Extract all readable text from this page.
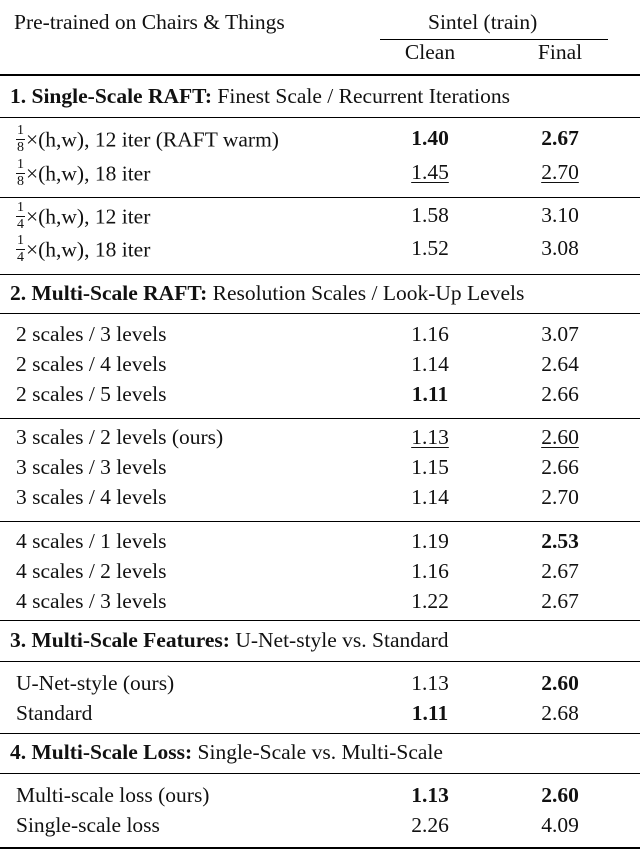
Pre-trained on Chairs & Things	Sintel (train)
Clean	Final
1. Single-Scale RAFT: Finest Scale / Recurrent Iterations
$\frac{1}{8} \times(h,w)$, 12 iter (RAFT warm)	1.40	2.67
$\frac{1}{8} \times(h,w)$, 18 iter	1.45	2.70
$\frac{1}{4} \times(h,w)$, 12 iter	1.58	3.10
$\frac{1}{4} \times(h,w)$, 18 iter	1.52	3.08
2. Multi-Scale RAFT: Resolution Scales / Look-Up Levels
2 scales / 3 levels	1.16	3.07
2 scales / 4 levels	1.14	2.64
2 scales / 5 levels	1.11	2.66
3 scales / 2 levels (ours)	1.13	2.60
3 scales / 3 levels	1.15	2.66
3 scales / 4 levels	1.14	2.70
4 scales / 1 levels	1.19	2.53
4 scales / 2 levels	1.16	2.67
4 scales / 3 levels	1.22	2.67
3. Multi-Scale Features: U-Net-style vs. Standard
U-Net-style (ours)	1.13	2.60
Standard	1.11	2.68
4. Multi-Scale Loss: Single-Scale vs. Multi-Scale
Multi-scale loss (ours)	1.13	2.60
Single-scale loss	2.26	4.09
